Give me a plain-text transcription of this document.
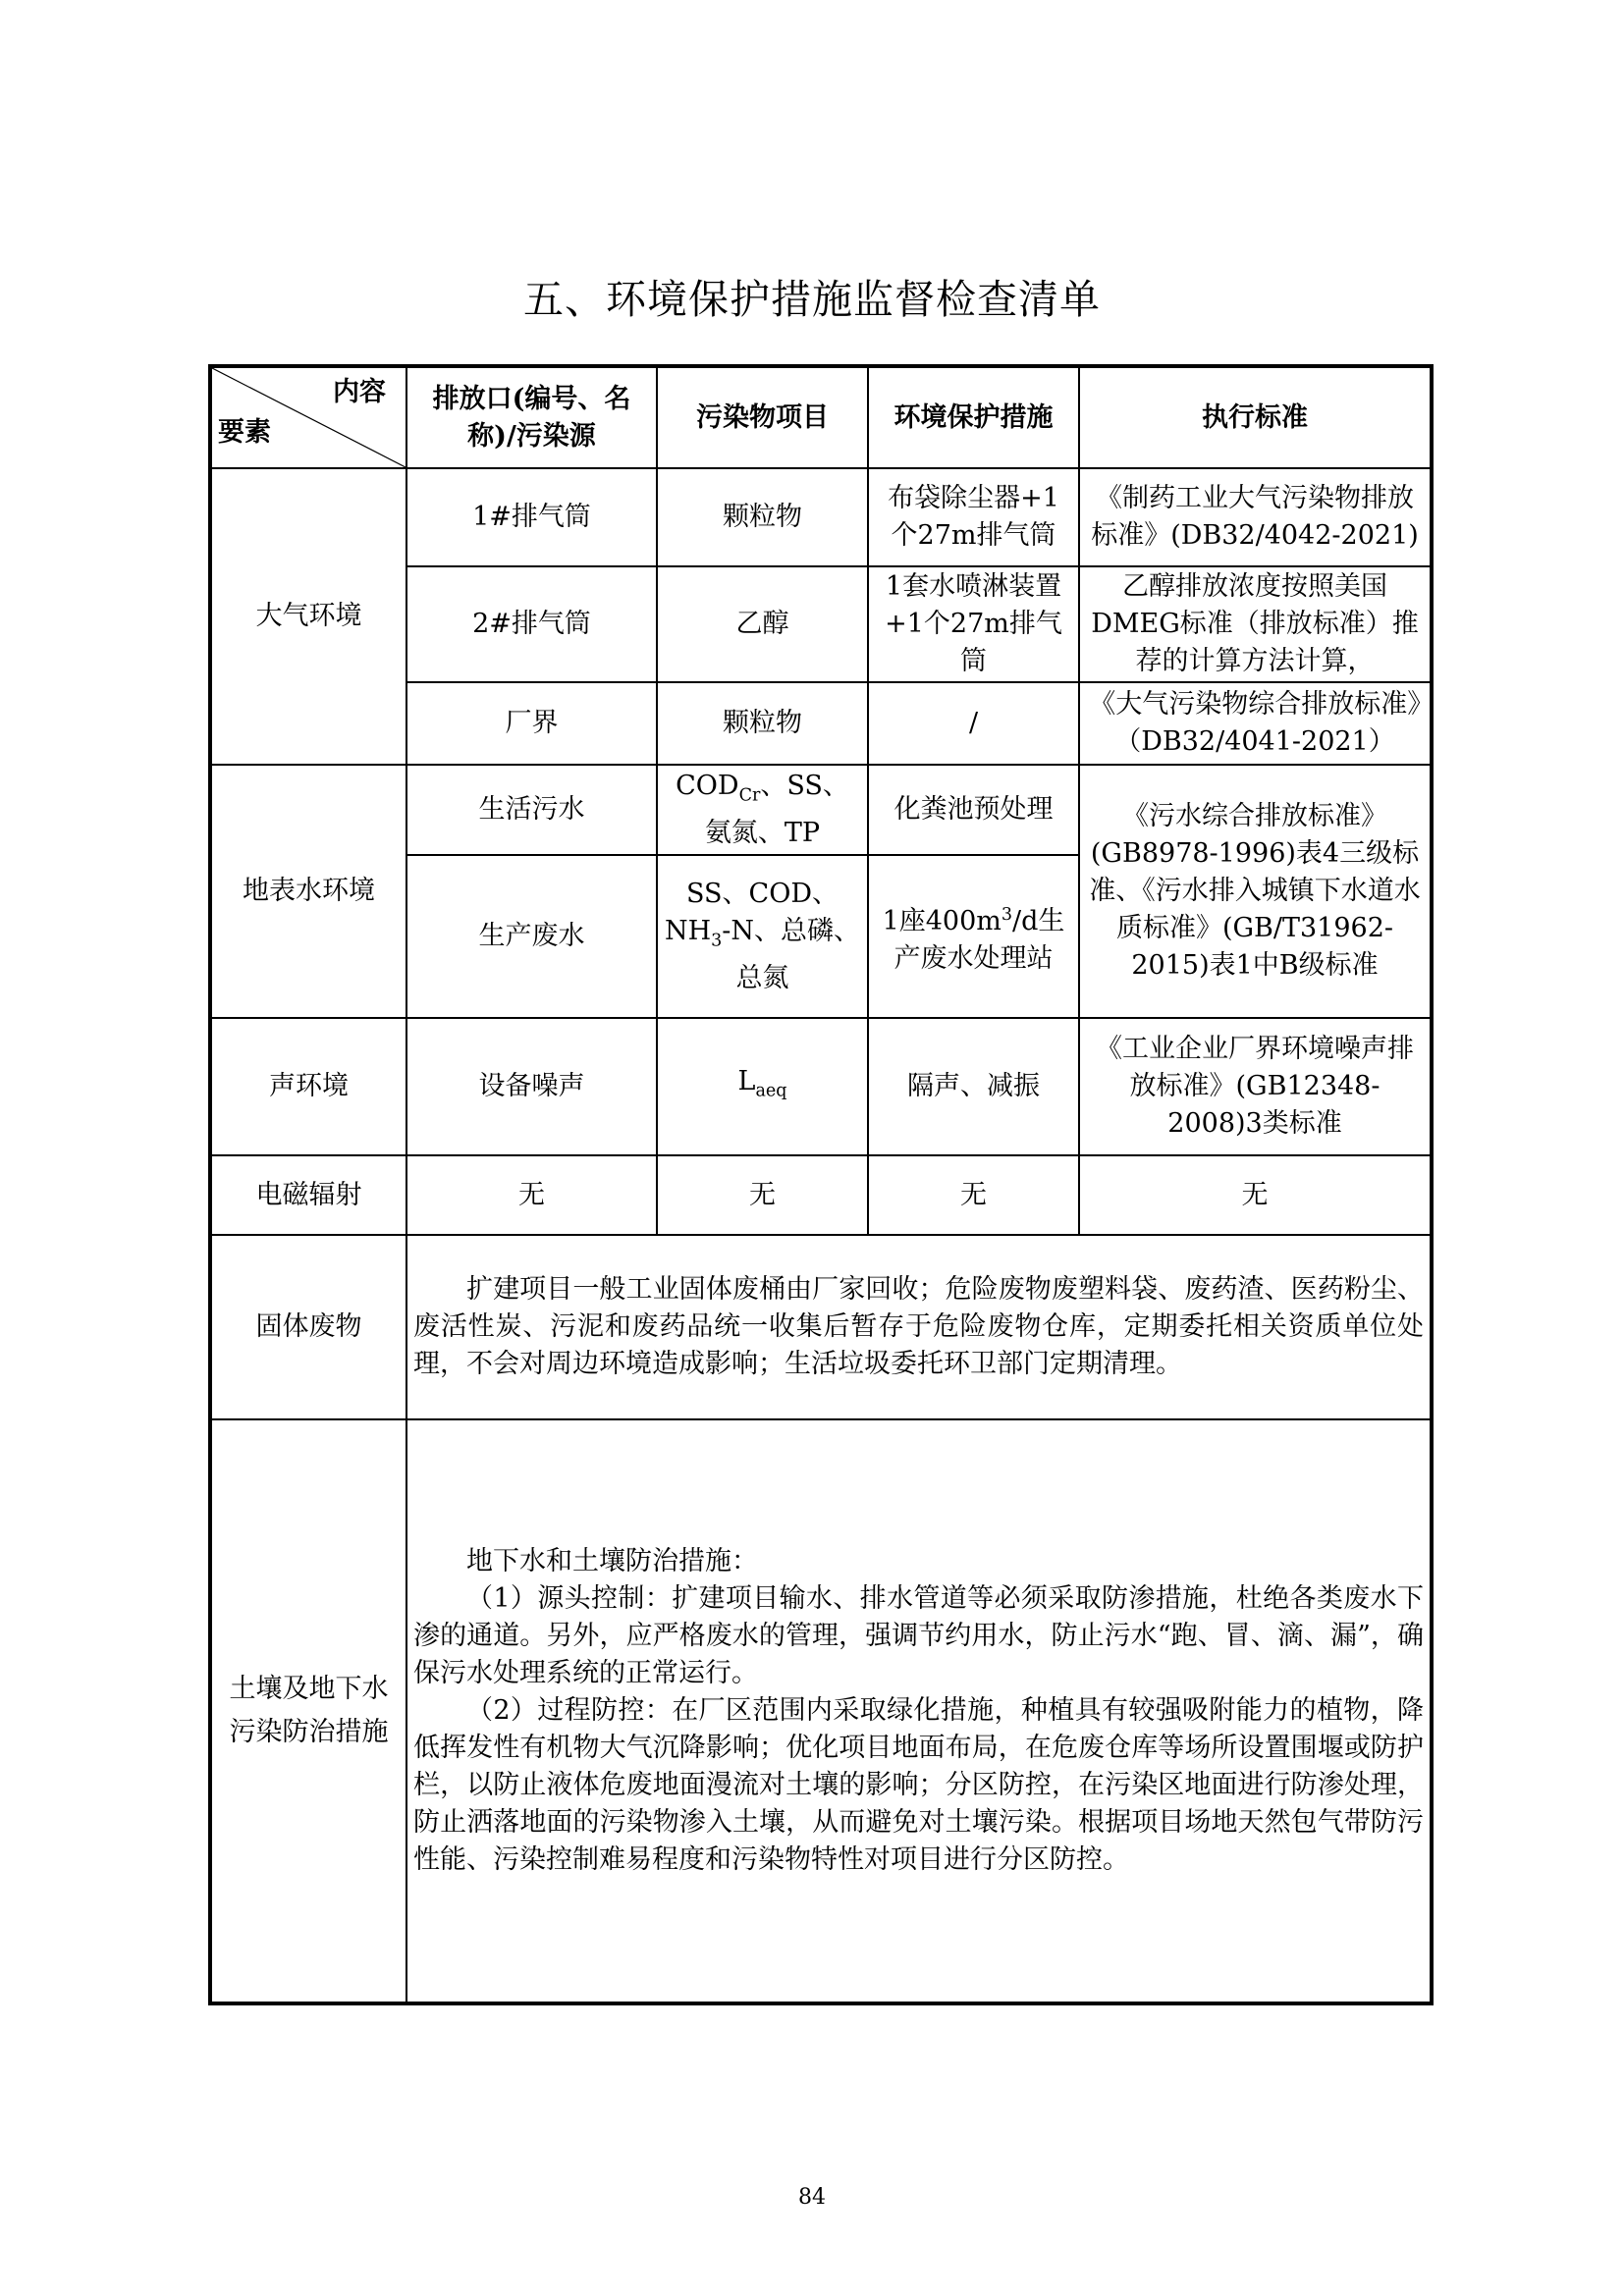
五、环境保护措施监督检查清单
内容
要素	排放口(编号、名称)/污染源	污染物项目	环境保护措施	执行标准
大气环境	1#排气筒	颗粒物	布袋除尘器+1个27m排气筒	《制药工业大气污染物排放标准》(DB32/4042-2021)
	2#排气筒	乙醇	1套水喷淋装置+1个27m排气筒	乙醇排放浓度按照美国DMEG标准（排放标准）推荐的计算方法计算，
	厂界	颗粒物	/	《大气污染物综合排放标准》（DB32/4041-2021）
地表水环境	生活污水	$COD_{Cr}$、SS、氨氮、TP	化粪池预处理	《污水综合排放标准》(GB8978-1996)表4三级标准、《污水排入城镇下水道水质标准》(GB/T31962-2015)表1中B级标准
	生产废水	SS、COD、$NH_3-N$、总磷、总氮	1座$400m^3/d$生产废水处理站	
声环境	设备噪声	$L_{aeq}$	隔声、减振	《工业企业厂界环境噪声排放标准》(GB12348-2008)3类标准
电磁辐射	无	无	无	无
固体废物	扩建项目一般工业固体废桶由厂家回收；危险废物废塑料袋、废药渣、医药粉尘、废活性炭、污泥和废药品统一收集后暂存于危险废物仓库，定期委托相关资质单位处理，不会对周边环境造成影响；生活垃圾委托环卫部门定期清理。			

土壤及地下水污染防治措施	地下水和土壤防治措施：

（1）源头控制：扩建项目输水、排水管道等必须采取防渗措施，杜绝各类废水下渗的通道。另外，应严格废水的管理，强调节约用水，防止污水“跑、冒、滴、漏”，确保污水处理系统的正常运行。

（2）过程防控：在厂区范围内采取绿化措施，种植具有较强吸附能力的植物，降低挥发性有机物大气沉降影响；优化项目地面布局，在危废仓库等场所设置围堰或防护栏，以防止液体危废地面漫流对土壤的影响；分区防控，在污染区地面进行防渗处理，防止洒落地面的污染物渗入土壤，从而避免对土壤污染。根据项目场地天然包气带防污性能、污染控制难易程度和污染物特性对项目进行分区防控。			

84
